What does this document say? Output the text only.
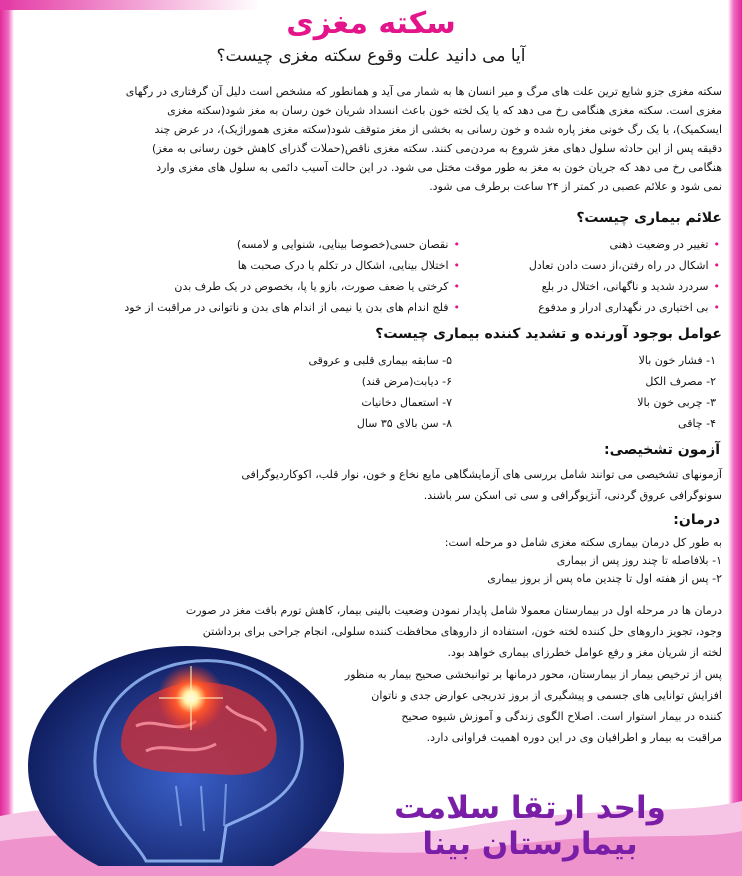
سکته مغزی
آیا می دانید علت وقوع سکته مغزی چیست؟
سکته مغزی جزو شایع ترین علت های مرگ و میر انسان ها به شمار می آید و همانطور که مشخص است دلیل آن گرفتاری در رگهای
مغزی است. سکته مغزی هنگامی رخ می دهد که یا یک لخته خون باعث انسداد شریان خون رسان به مغز شود(سکته مغزی
ایسکمیک)، یا یک رگ خونی مغز پاره شده و خون رسانی به بخشی از مغز متوقف شود(سکته مغزی هموراژیک)، در عرض چند
دقیقه پس از این حادثه سلول دهای مغز شروع به مردن‌می کنند. سکته مغزی ناقص(حملات گذرای کاهش خون رسانی به مغز)
هنگامی رخ می دهد که جریان خون به مغز به طور موقت مختل می شود. در این حالت آسیب دائمی به سلول های مغزی وارد
نمی شود و علائم عصبی در کمتر از ۲۴ ساعت برطرف می شود.
علائم بیماری چیست؟
•تغییر در وضعیت ذهنی
•اشکال در راه رفتن،از دست دادن تعادل
•سردرد شدید و ناگهانی، اختلال در بلع
•بی اختیاری در نگهداری ادرار و مدفوع
•نقصان حسی(خصوصا بینایی، شنوایی و لامسه)
•اختلال بینایی، اشکال در تکلم یا درک صحبت ها
•کرختی یا ضعف صورت، بازو یا پا، بخصوص در یک طرف بدن
•فلج اندام های بدن یا نیمی از اندام های بدن و ناتوانی در مراقبت از خود
عوامل بوجود آورنده و تشدید کننده بیماری چیست؟
۱- فشار خون بالا
۲- مصرف الکل
۳- چربی خون بالا
۴- چاقی
۵- سابقه بیماری قلبی و عروقی
۶- دیابت(مرض قند)
۷- استعمال دخانیات
۸- سن بالای ۳۵ سال
آزمون تشخیصی:
آزمونهای تشخیصی می توانند شامل بررسی های آزمایشگاهی مایع نخاع و خون، نوار قلب، اکوکاردیوگرافی
سونوگرافی عروق گردنی، آنژیوگرافی و سی تی اسکن سر باشند.
درمان:
به طور کل درمان بیماری سکته مغزی شامل دو مرحله است:
۱- بلافاصله تا چند روز پس از بیماری
۲- پس از هفته اول تا چندین ماه پس از بروز بیماری
درمان ها در مرحله اول در بیمارستان معمولا شامل پایدار نمودن وضعیت بالینی بیمار، کاهش تورم بافت مغز در صورت
وجود، تجویز داروهای حل کننده لخته خون، استفاده از داروهای محافظت کننده سلولی، انجام جراحی برای برداشتن
لخته از شریان مغز و رفع عوامل خطرزای بیماری خواهد بود.
پس از ترخیص بیمار از بیمارستان، محور درمانها بر توانبخشی صحیح بیمار به منظور
افزایش توانایی های جسمی و پیشگیری از بروز تدریجی عوارض جدی و ناتوان
کننده در بیمار استوار است. اصلاح الگوی زندگی و آموزش شیوه صحیح
مراقبت به بیمار و اطرافیان وی در این دوره اهمیت فراوانی دارد.
واحد ارتقا سلامت بیمارستان بینا
